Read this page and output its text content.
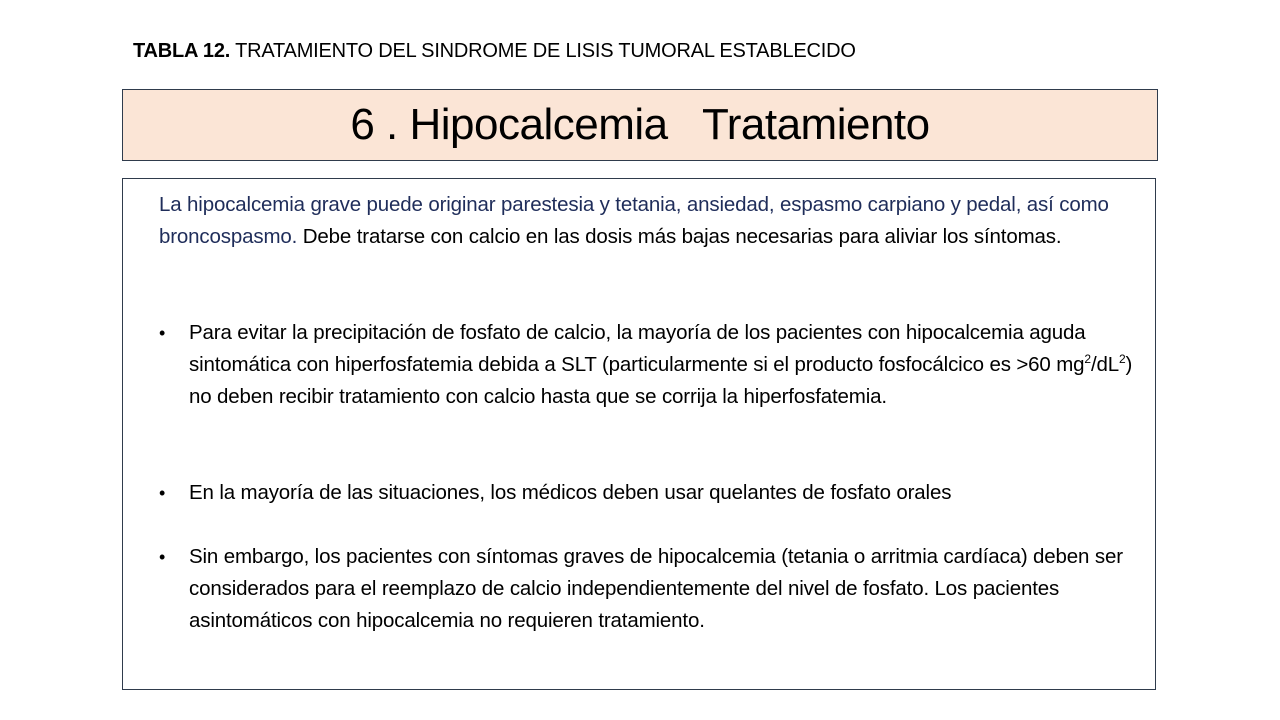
TABLA 12. TRATAMIENTO DEL SINDROME DE LISIS TUMORAL ESTABLECIDO
6 . Hipocalcemia   Tratamiento
La hipocalcemia grave puede originar parestesia y tetania, ansiedad, espasmo carpiano y pedal, así como broncospasmo. Debe tratarse con calcio en las dosis más bajas necesarias para aliviar los síntomas.
•	Para evitar la precipitación de fosfato de calcio, la mayoría de los pacientes con hipocalcemia aguda sintomática con hiperfosfatemia debida a SLT (particularmente si el producto fosfocálcico es >60 $mg^2/dL^2$) no deben recibir tratamiento con calcio hasta que se corrija la hiperfosfatemia.
•	En la mayoría de las situaciones, los médicos deben usar quelantes de fosfato orales
•	Sin embargo, los pacientes con síntomas graves de hipocalcemia (tetania o arritmia cardíaca) deben ser considerados para el reemplazo de calcio independientemente del nivel de fosfato. Los pacientes asintomáticos con hipocalcemia no requieren tratamiento.
